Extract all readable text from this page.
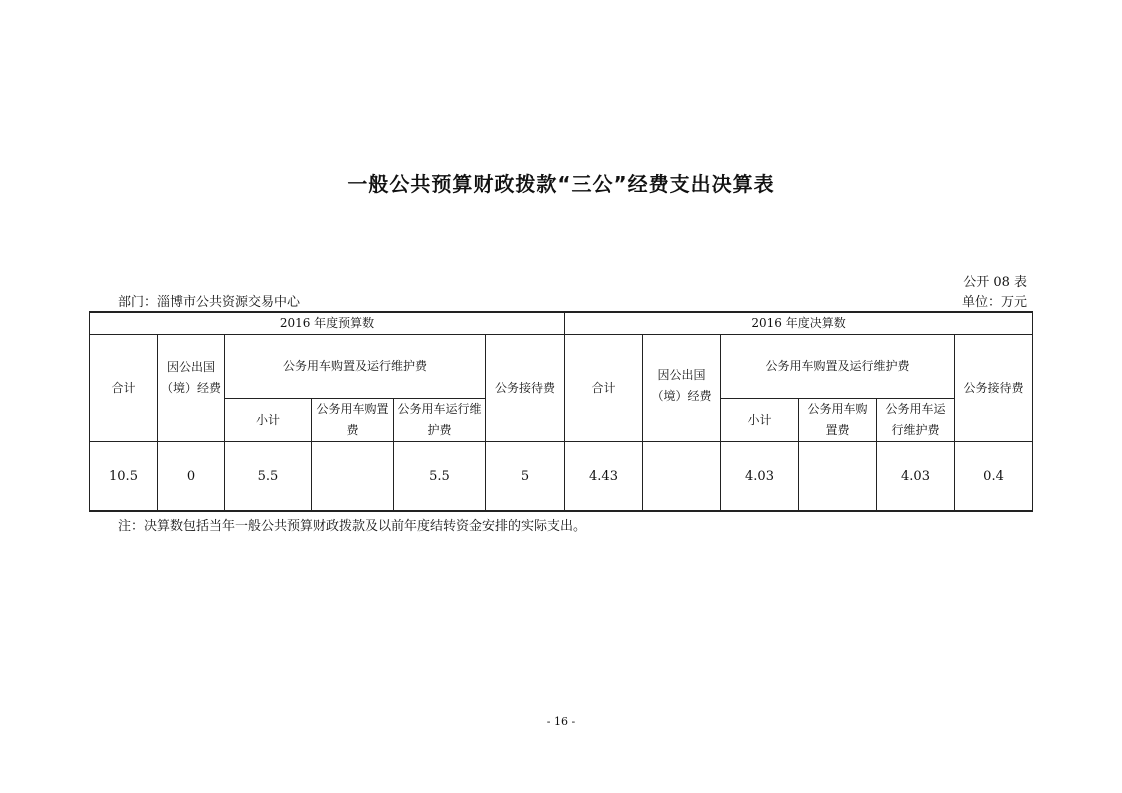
一般公共预算财政拨款“三公”经费支出决算表
公开 08 表
部门：淄博市公共资源交易中心	单位：万元
2016 年度预算数						2016 年度决算数					
合计	因公出国（境）经费	公务用车购置及运行维护费			公务接待费	合计	因公出国（境）经费	公务用车购置及运行维护费			公务接待费
		小计	公务用车购置费	公务用车运行维护费				小计	公务用车购置费	公务用车运行维护费	
10.5	0	5.5		5.5	5	4.43		4.03		4.03	0.4
注：决算数包括当年一般公共预算财政拨款及以前年度结转资金安排的实际支出。
- 16 -
